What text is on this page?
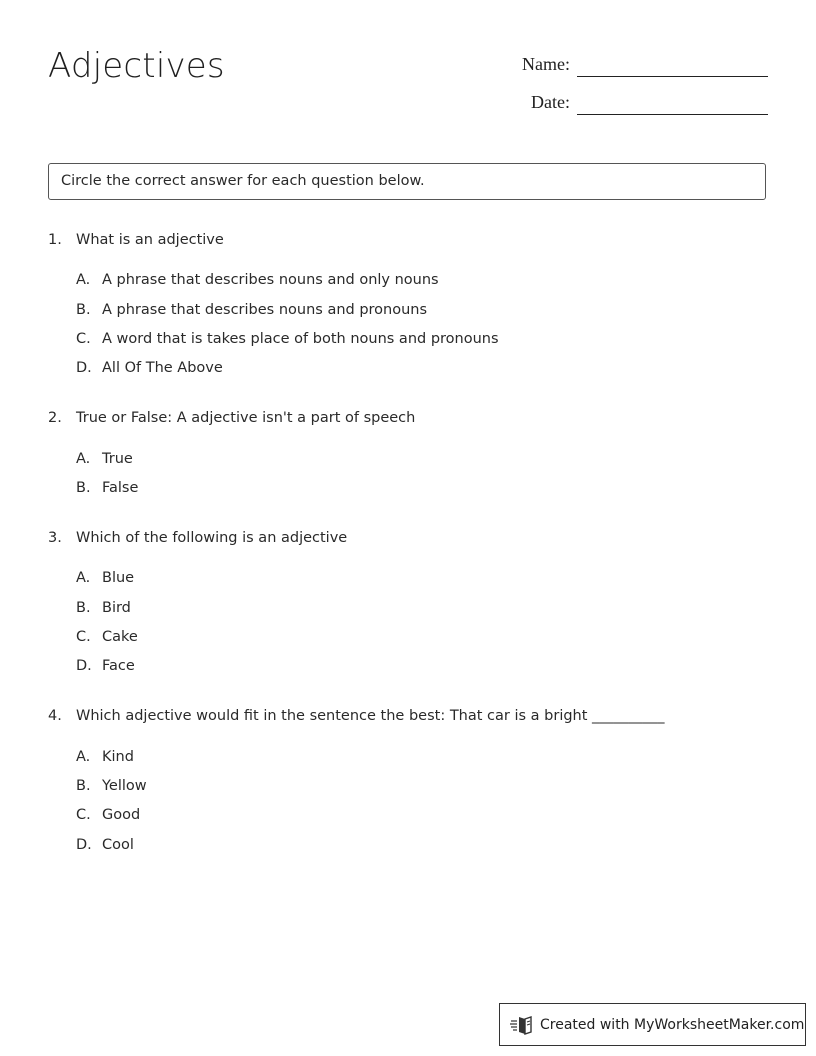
Adjectives	Name:
Date:
Circle the correct answer for each question below.
1. What is an adjective
A. A phrase that describes nouns and only nouns
B. A phrase that describes nouns and pronouns
C. A word that is takes place of both nouns and pronouns
D. All Of The Above
2. True or False: A adjective isn't a part of speech
A. True
B. False
3. Which of the following is an adjective
A. Blue
B. Bird
C. Cake
D. Face
4. Which adjective would fit in the sentence the best: That car is a bright __________
A. Kind
B. Yellow
C. Good
D. Cool
Created with MyWorksheetMaker.com
